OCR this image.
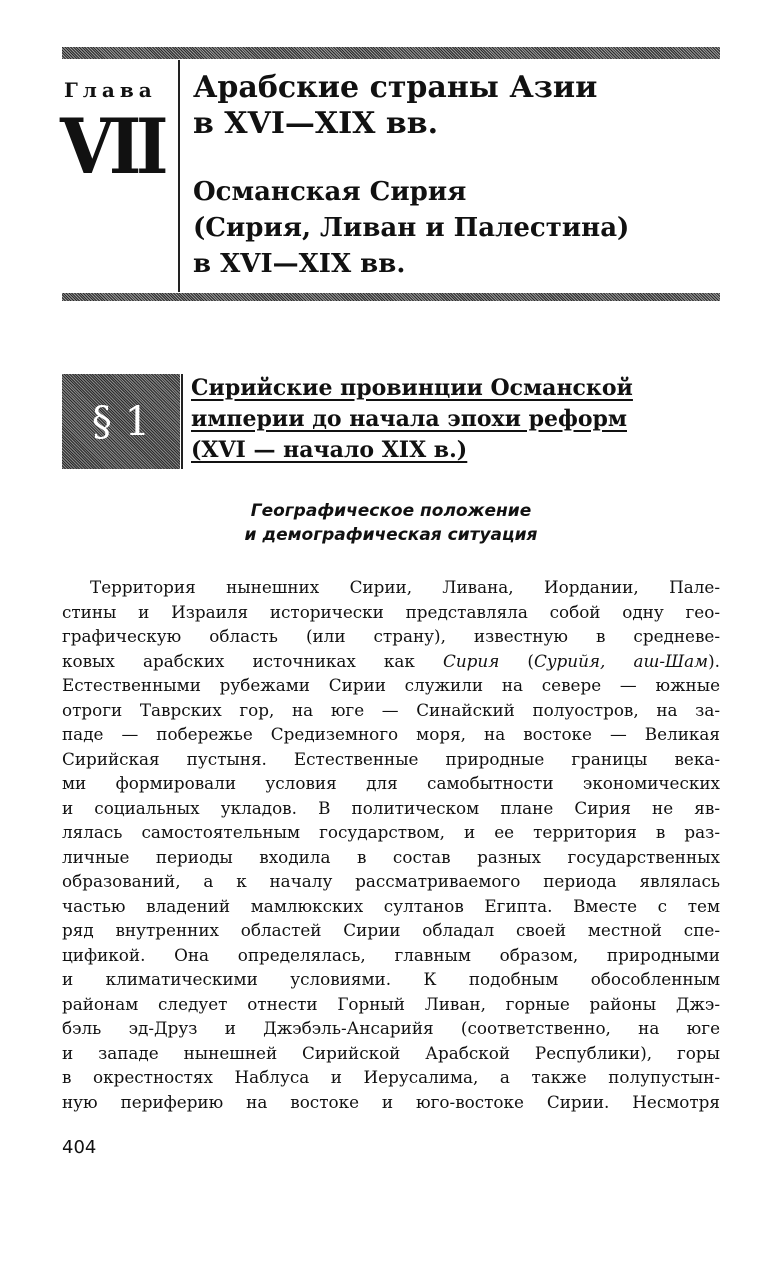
Глава
VII
Арабские страны Азии
в XVI—XIX вв.
Османская Сирия
(Сирия, Ливан и Палестина)
в XVI—XIX вв.
§ 1
Сирийские провинции Османской
империи до начала эпохи реформ
(XVI — начало XIX в.)
Географическое положение
и демографическая ситуация
Территория нынешних Сирии, Ливана, Иордании, Пале-
стины и Израиля исторически представляла собой одну гео-
графическую область (или страну), известную в средневе-
ковых арабских источниках как Сирия (Сурийя, аш-Шам).
Естественными рубежами Сирии служили на севере — южные
отроги Таврских гор, на юге — Синайский полуостров, на за-
паде — побережье Средиземного моря, на востоке — Великая
Сирийская пустыня. Естественные природные границы века-
ми формировали условия для самобытности экономических
и социальных укладов. В политическом плане Сирия не яв-
лялась самостоятельным государством, и ее территория в раз-
личные периоды входила в состав разных государственных
образований, а к началу рассматриваемого периода являлась
частью владений мамлюкских султанов Египта. Вместе с тем
ряд внутренних областей Сирии обладал своей местной спе-
цификой. Она определялась, главным образом, природными
и климатическими условиями. К подобным обособленным
районам следует отнести Горный Ливан, горные районы Джэ-
бэль эд-Друз и Джэбэль-Ансарийя (соответственно, на юге
и западе нынешней Сирийской Арабской Республики), горы
в окрестностях Наблуса и Иерусалима, а также полупустын-
ную периферию на востоке и юго-востоке Сирии. Несмотря
404
